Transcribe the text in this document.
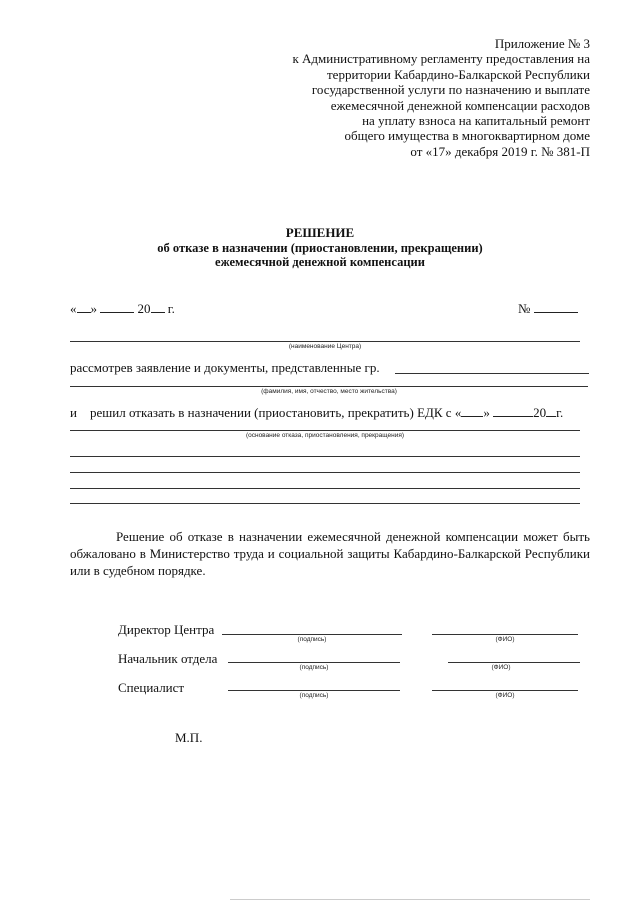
Приложение № 3
к Административному регламенту предоставления на
территории Кабардино-Балкарской Республики
государственной услуги по назначению и выплате
ежемесячной денежной компенсации расходов
на уплату взноса на капитальный ремонт
общего имущества в многоквартирном доме
от «17» декабря 2019 г. № 381-П
РЕШЕНИЕ
об отказе в назначении (приостановлении, прекращении)
ежемесячной денежной компенсации
« »	20 г.	№
(наименование Центра)
рассмотрев заявление и документы, представленные гр.
(фамилия, имя, отчество, место жительства)
и решил отказать в назначении (приостановить, прекратить) ЕДК с « »	20 г.
(основание отказа, приостановления, прекращения)
Решение об отказе в назначении ежемесячной денежной компенсации может быть обжаловано в Министерство труда и социальной защиты Кабардино-Балкарской Республики или в судебном порядке.
Директор Центра
(подпись)	(ФИО)
Начальник отдела
(подпись)	(ФИО)
Специалист
(подпись)	(ФИО)
М.П.
